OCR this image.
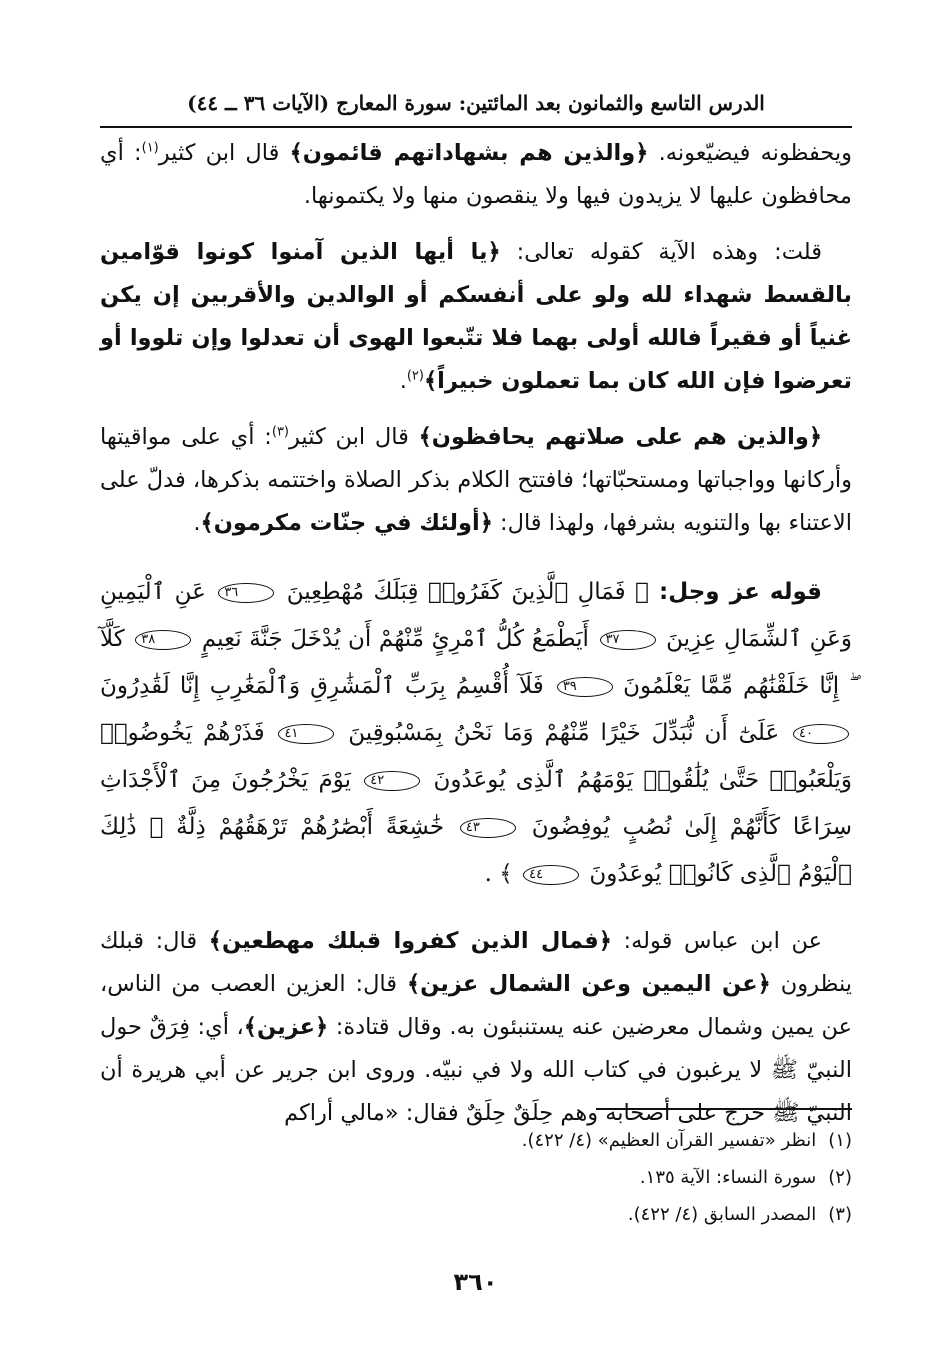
الدرس التاسع والثمانون بعد المائتين: سورة المعارج (الآيات ٣٦ ــ ٤٤)

ويحفظونه فيضيّعونه. ﴿والذين هم بشهاداتهم قائمون﴾ قال ابن كثير$^{(١)}$: أي محافظون عليها لا يزيدون فيها ولا ينقصون منها ولا يكتمونها.

قلت: وهذه الآية كقوله تعالى: ﴿يا أيها الذين آمنوا كونوا قوّامين بالقسط شهداء لله ولو على أنفسكم أو الوالدين والأقربين إن يكن غنياً أو فقيراً فالله أولى بهما فلا تتّبعوا الهوى أن تعدلوا وإن تلووا أو تعرضوا فإن الله كان بما تعملون خبيراً﴾$^{(٢)}$.

﴿والذين هم على صلاتهم يحافظون﴾ قال ابن كثير$^{(٣)}$: أي على مواقيتها وأركانها وواجباتها ومستحبّاتها؛ فافتتح الكلام بذكر الصلاة واختتمه بذكرها، فدلّ على الاعتناء بها والتنويه بشرفها، ولهذا قال: ﴿أولئك في جنّات مكرمون﴾.

قوله عز وجل: ﴿ فَمَالِ ٱلَّذِينَ كَفَرُوا۟ قِبَلَكَ مُهْطِعِينَ ٣٦ عَنِ ٱلْيَمِينِ وَعَنِ ٱلشِّمَالِ عِزِينَ ٣٧ أَيَطْمَعُ كُلُّ ٱمْرِئٍ مِّنْهُمْ أَن يُدْخَلَ جَنَّةَ نَعِيمٍ ٣٨ كَلَّآ ۖ إِنَّا خَلَقْنَٰهُم مِّمَّا يَعْلَمُونَ ٣٩ فَلَآ أُقْسِمُ بِرَبِّ ٱلْمَشَٰرِقِ وَٱلْمَغَٰرِبِ إِنَّا لَقَٰدِرُونَ ٤٠ عَلَىٰٓ أَن نُّبَدِّلَ خَيْرًا مِّنْهُمْ وَمَا نَحْنُ بِمَسْبُوقِينَ ٤١ فَذَرْهُمْ يَخُوضُوا۟ وَيَلْعَبُوا۟ حَتَّىٰ يُلَٰقُوا۟ يَوْمَهُمُ ٱلَّذِى يُوعَدُونَ ٤٢ يَوْمَ يَخْرُجُونَ مِنَ ٱلْأَجْدَاثِ سِرَاعًا كَأَنَّهُمْ إِلَىٰ نُصُبٍ يُوفِضُونَ ٤٣ خَٰشِعَةً أَبْصَٰرُهُمْ تَرْهَقُهُمْ ذِلَّةٌ ۚ ذَٰلِكَ ٱلْيَوْمُ ٱلَّذِى كَانُوا۟ يُوعَدُونَ ٤٤ ﴾ .

عن ابن عباس قوله: ﴿فمال الذين كفروا قبلك مهطعين﴾ قال: قبلك ينظرون ﴿عن اليمين وعن الشمال عزين﴾ قال: العزين العصب من الناس، عن يمين وشمال معرضين عنه يستنبئون به. وقال قتادة: ﴿عزين﴾، أي: فِرَقٌ حول النبيّ ﷺ لا يرغبون في كتاب الله ولا في نبيّه. وروى ابن جرير عن أبي هريرة أن النبيّ ﷺ خرج على أصحابه وهم حِلَقٌ حِلَقٌ فقال: «مالي أراكم

(١)انظر «تفسير القرآن العظيم» (٤/ ٤٢٢).
(٢)سورة النساء: الآية ١٣٥.
(٣)المصدر السابق (٤/ ٤٢٢).
٣٦٠
